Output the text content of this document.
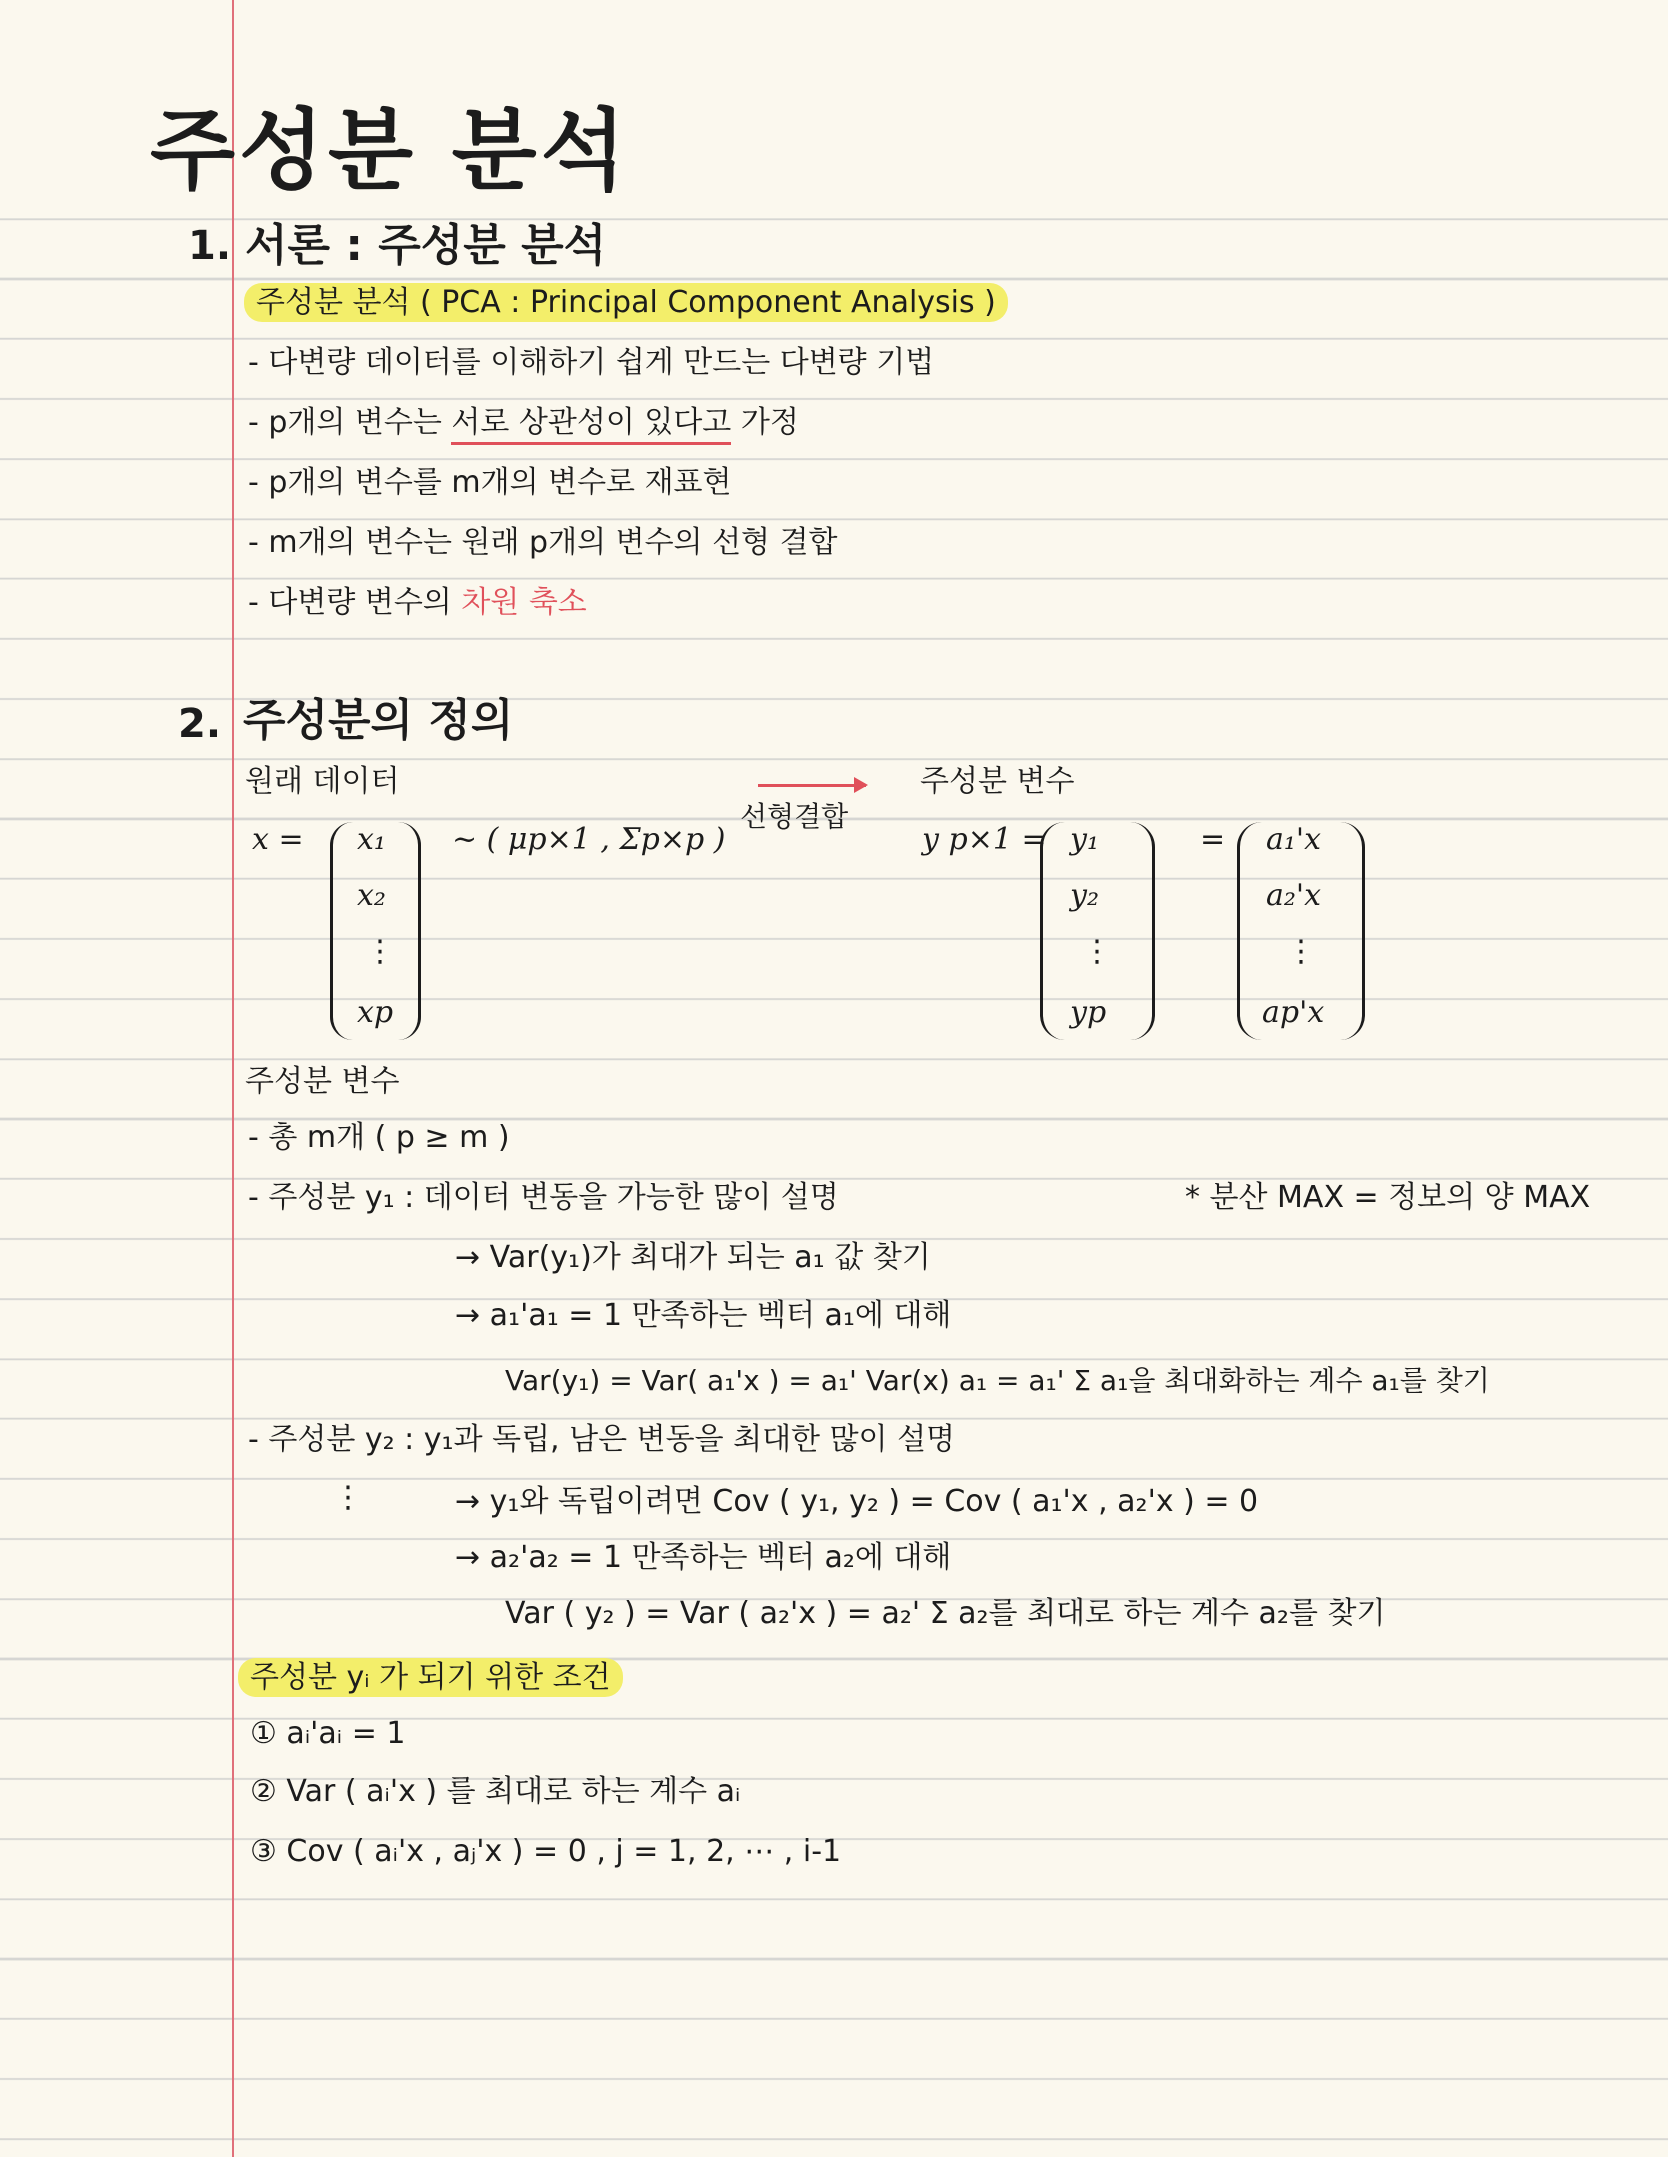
주성분 분석
1. 서론 : 주성분 분석
주성분 분석 ( PCA : Principal Component Analysis )
- 다변량 데이터를 이해하기 쉽게 만드는 다변량 기법
- p개의 변수는 서로 상관성이 있다고 가정
- p개의 변수를 m개의 변수로 재표현
- m개의 변수는 원래 p개의 변수의 선형 결합
- 다변량 변수의 차원 축소
2. 주성분의 정의
원래 데이터	주성분 변수
선형결합
x = x₁
x₂
⋮
xp
~ ( μp×1 , Σp×p )	y p×1 = y₁
y₂
⋮
yp
= a₁'x
a₂'x
⋮
ap'x
주성분 변수
- 총 m개 ( p ≥ m )
- 주성분 y₁ : 데이터 변동을 가능한 많이 설명	* 분산 MAX = 정보의 양 MAX
→ Var(y₁)가 최대가 되는 a₁ 값 찾기
→ a₁'a₁ = 1 만족하는 벡터 a₁에 대해
Var(y₁) = Var( a₁'x ) = a₁' Var(x) a₁ = a₁' Σ a₁을 최대화하는 계수 a₁를 찾기
- 주성분 y₂ : y₁과 독립, 남은 변동을 최대한 많이 설명
⋮	→ y₁와 독립이려면 Cov ( y₁, y₂ ) = Cov ( a₁'x , a₂'x ) = 0
→ a₂'a₂ = 1 만족하는 벡터 a₂에 대해
Var ( y₂ ) = Var ( a₂'x ) = a₂' Σ a₂를 최대로 하는 계수 a₂를 찾기
주성분 yᵢ 가 되기 위한 조건
① aᵢ'aᵢ = 1
② Var ( aᵢ'x ) 를 최대로 하는 계수 aᵢ
③ Cov ( aᵢ'x , aⱼ'x ) = 0 , j = 1, 2, ⋯ , i-1
